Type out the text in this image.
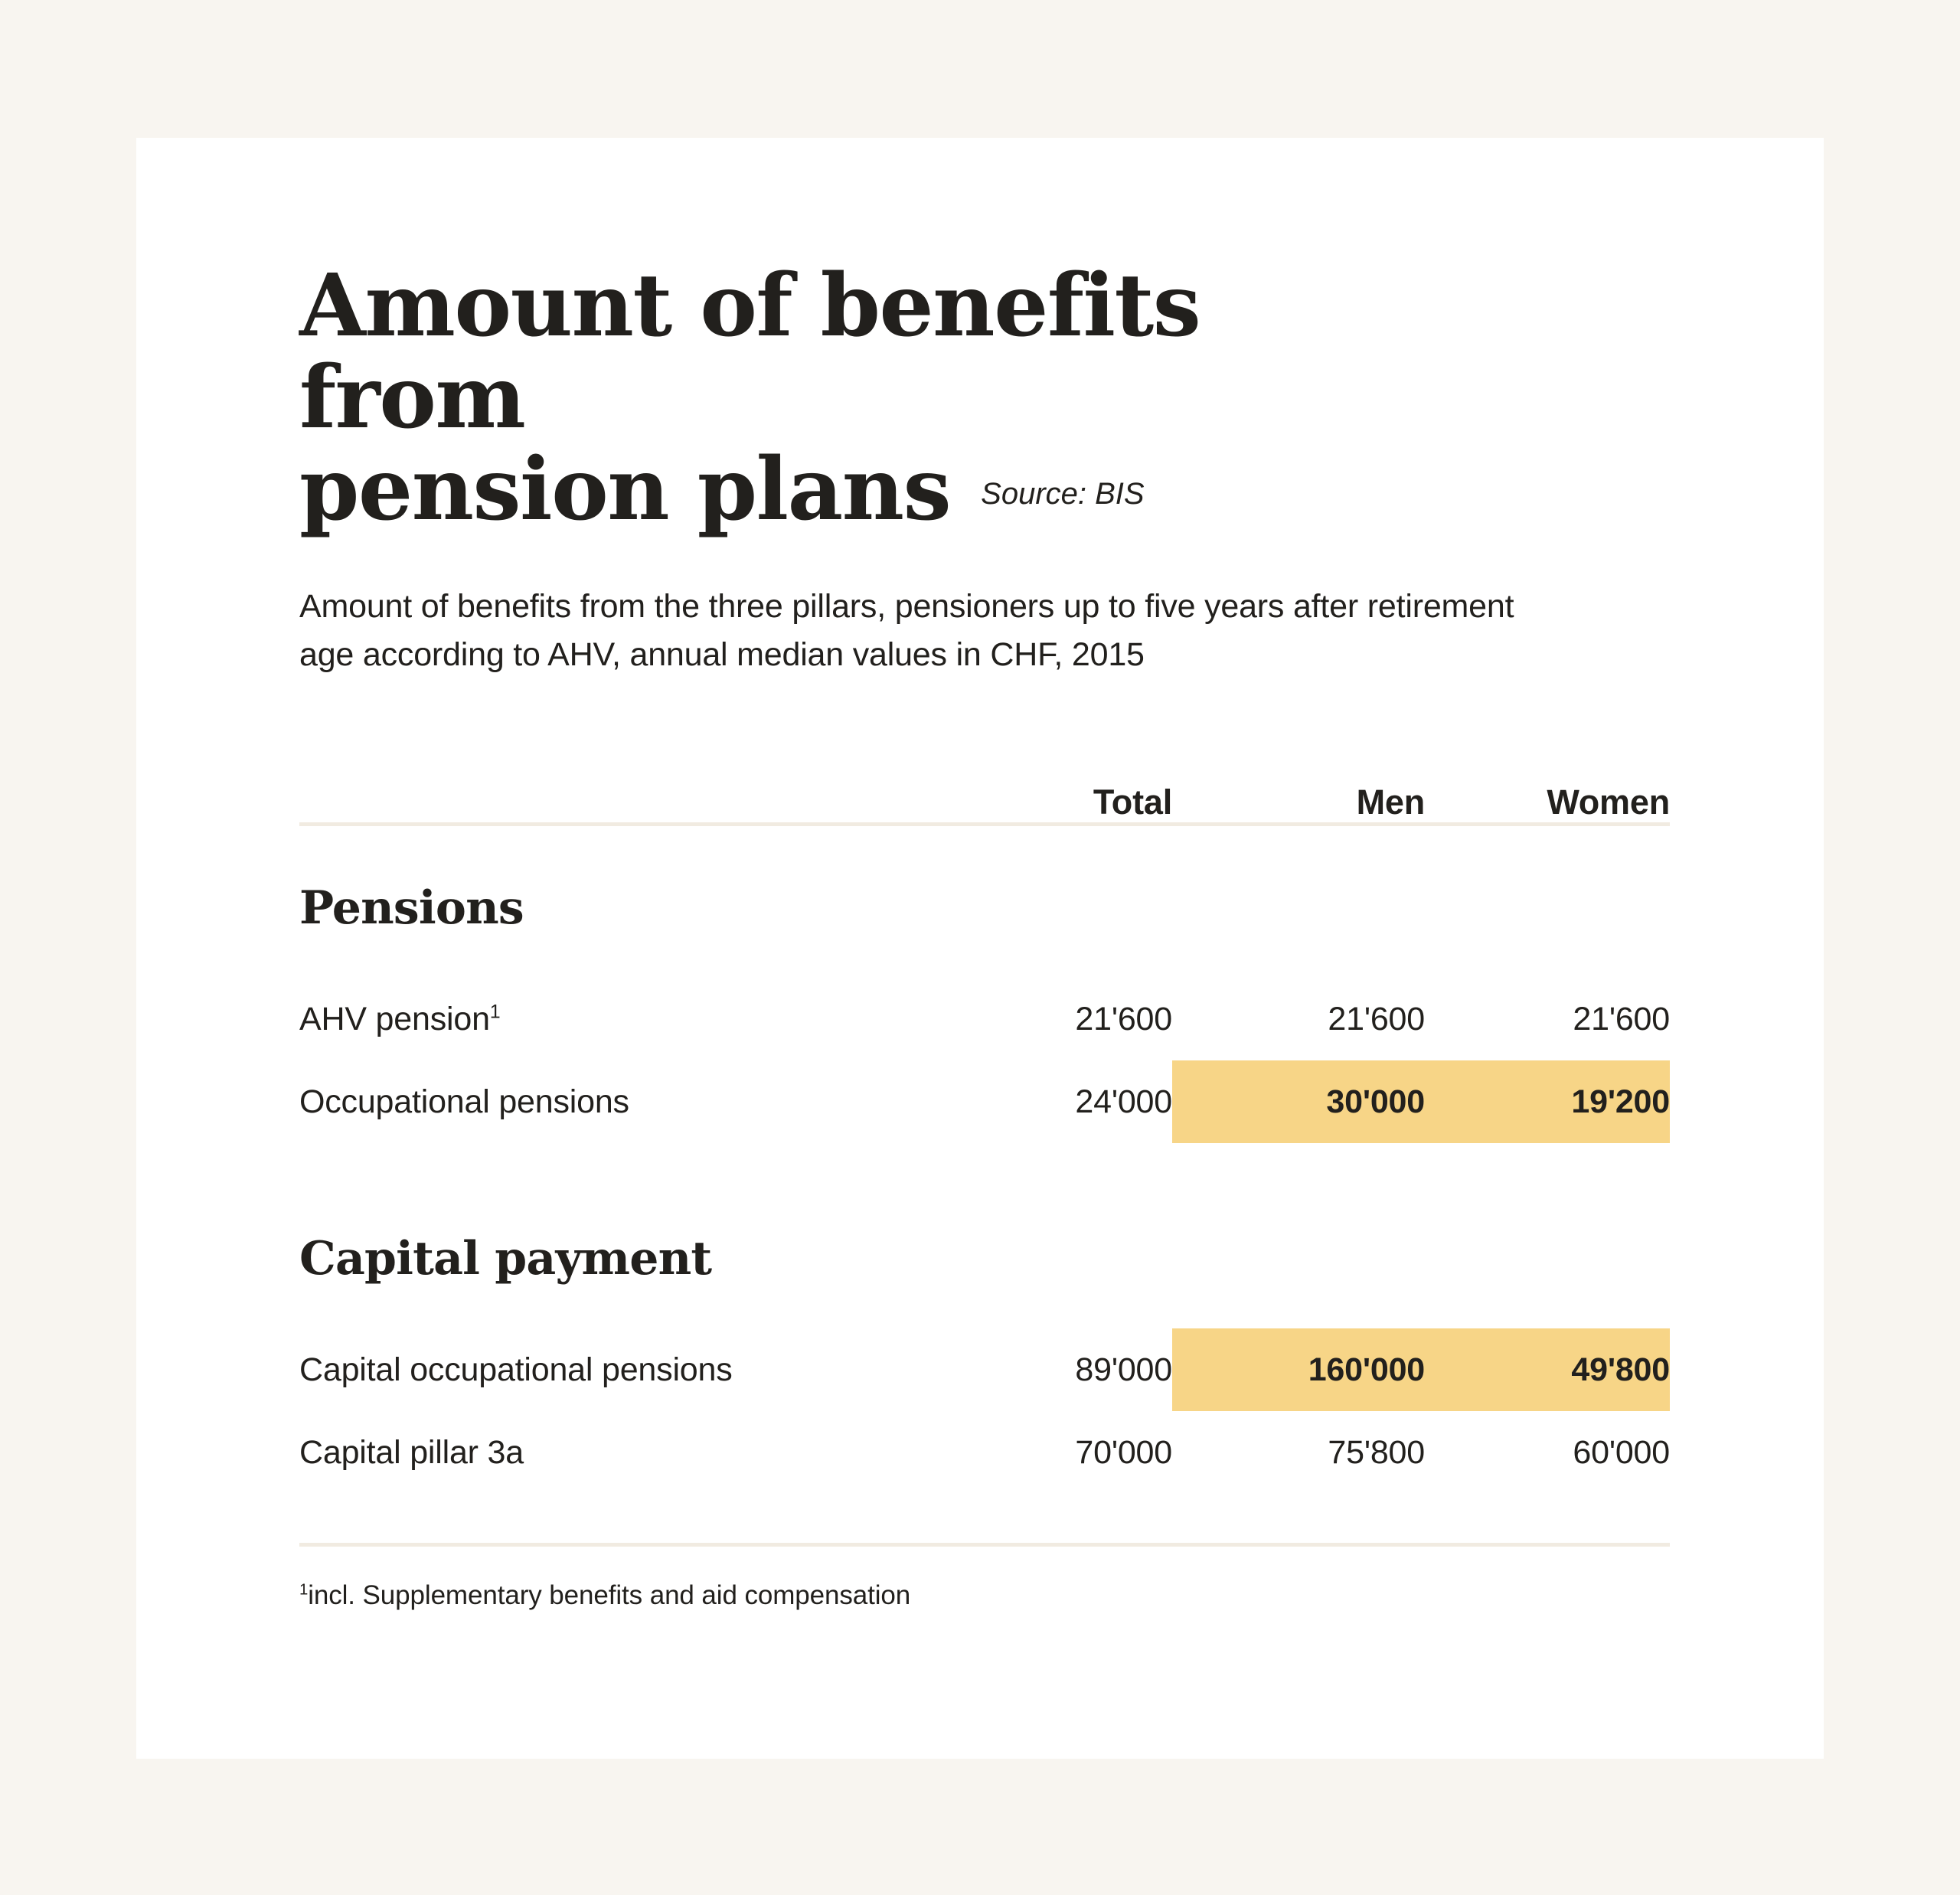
Amount of benefits from
pension plans Source: BIS

Amount of benefits from the three pillars, pensioners up to five years after retirement age according to AHV, annual median values in CHF, 2015

	Total	Men	Women

Pensions			
AHV pension$^1$	21'600	21'600	21'600
Occupational pensions	24'000	30'000	19'200
Capital payment			
Capital occupational pensions	89'000	160'000	49'800
Capital pillar 3a	70'000	75'800	60'000
$^1$incl. Supplementary benefits and aid compensation
